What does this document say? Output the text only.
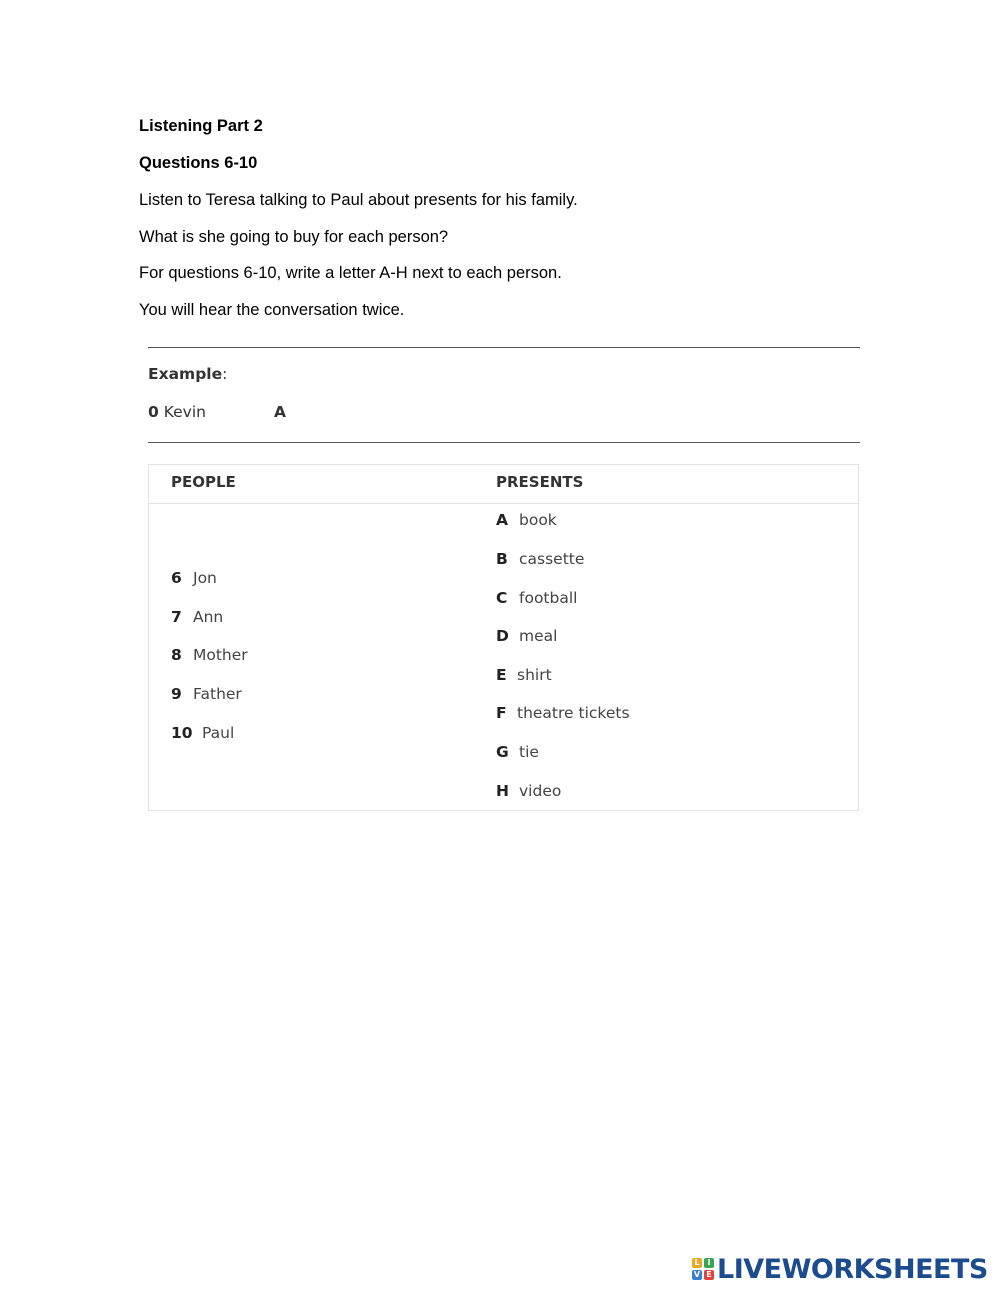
Listening Part 2

Questions 6-10

Listen to Teresa talking to Paul about presents for his family.

What is she going to buy for each person?

For questions 6-10, write a letter A-H next to each person.

You will hear the conversation twice.

Example:
0 Kevin	A
PEOPLE	PRESENTS
6 Jon
7 Ann
8 Mother
9 Father
10 Paul
A book
B cassette
C football
D meal
E shirt
F theatre tickets
G tie
H video
L I
V E LIVEWORKSHEETS
